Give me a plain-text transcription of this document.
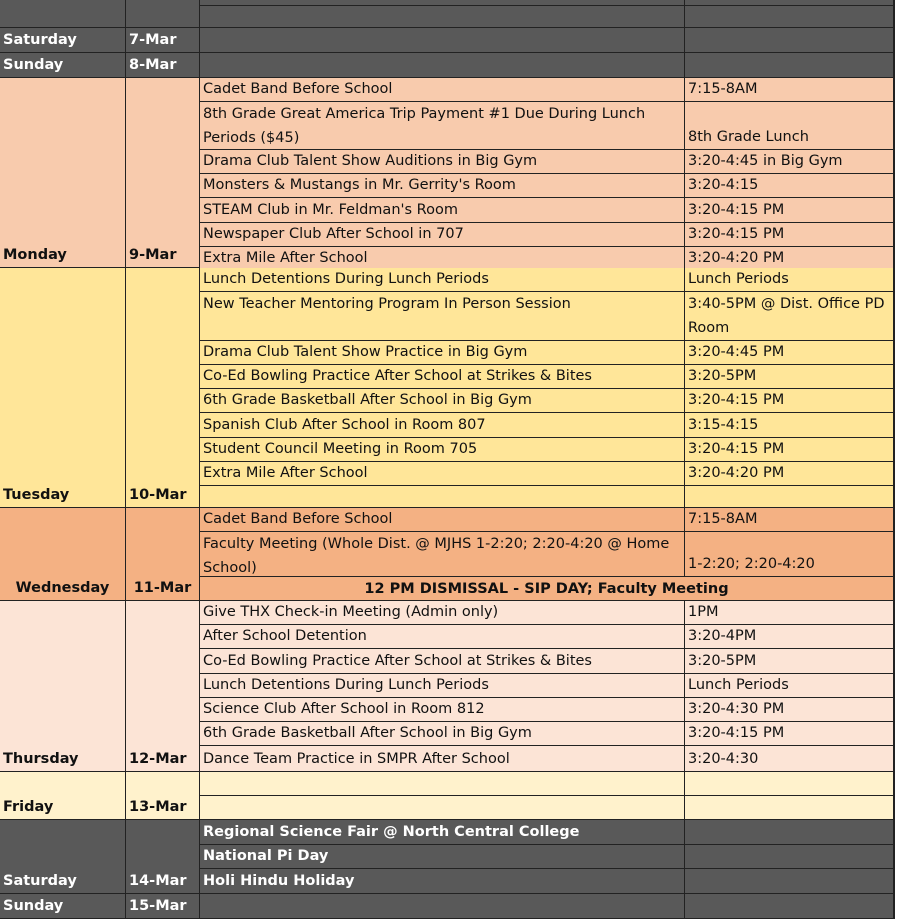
Saturday	7-Mar
Sunday	8-Mar
Monday	9-Mar
Cadet Band Before School	7:15-8AM
8th Grade Great America Trip Payment #1 Due During Lunch Periods ($45)	8th Grade Lunch
Drama Club Talent Show Auditions in Big Gym	3:20-4:45 in Big Gym
Monsters & Mustangs in Mr. Gerrity's Room	3:20-4:15
STEAM Club in Mr. Feldman's Room	3:20-4:15 PM
Newspaper Club After School in 707	3:20-4:15 PM
Extra Mile After School	3:20-4:20 PM
Tuesday	10-Mar
Lunch Detentions During Lunch Periods	Lunch Periods
New Teacher Mentoring Program In Person Session	3:40-5PM @ Dist. Office PD Room
Drama Club Talent Show Practice in Big Gym	3:20-4:45 PM
Co-Ed Bowling Practice After School at Strikes & Bites	3:20-5PM
6th Grade Basketball After School in Big Gym	3:20-4:15 PM
Spanish Club After School in Room 807	3:15-4:15
Student Council Meeting in Room 705	3:20-4:15 PM
Extra Mile After School	3:20-4:20 PM
Wednesday 11-Mar
Cadet Band Before School	7:15-8AM
Faculty Meeting (Whole Dist. @ MJHS 1-2:20; 2:20-4:20 @ Home School)	1-2:20; 2:20-4:20
12 PM DISMISSAL - SIP DAY; Faculty Meeting
Thursday	12-Mar
Give THX Check-in Meeting (Admin only)	1PM
After School Detention	3:20-4PM
Co-Ed Bowling Practice After School at Strikes & Bites	3:20-5PM
Lunch Detentions During Lunch Periods	Lunch Periods
Science Club After School in Room 812	3:20-4:30 PM
6th Grade Basketball After School in Big Gym	3:20-4:15 PM
Dance Team Practice in SMPR After School	3:20-4:30
Friday	13-Mar
Saturday	14-Mar
Regional Science Fair @ North Central College
National Pi Day
Holi Hindu Holiday
Sunday	15-Mar
